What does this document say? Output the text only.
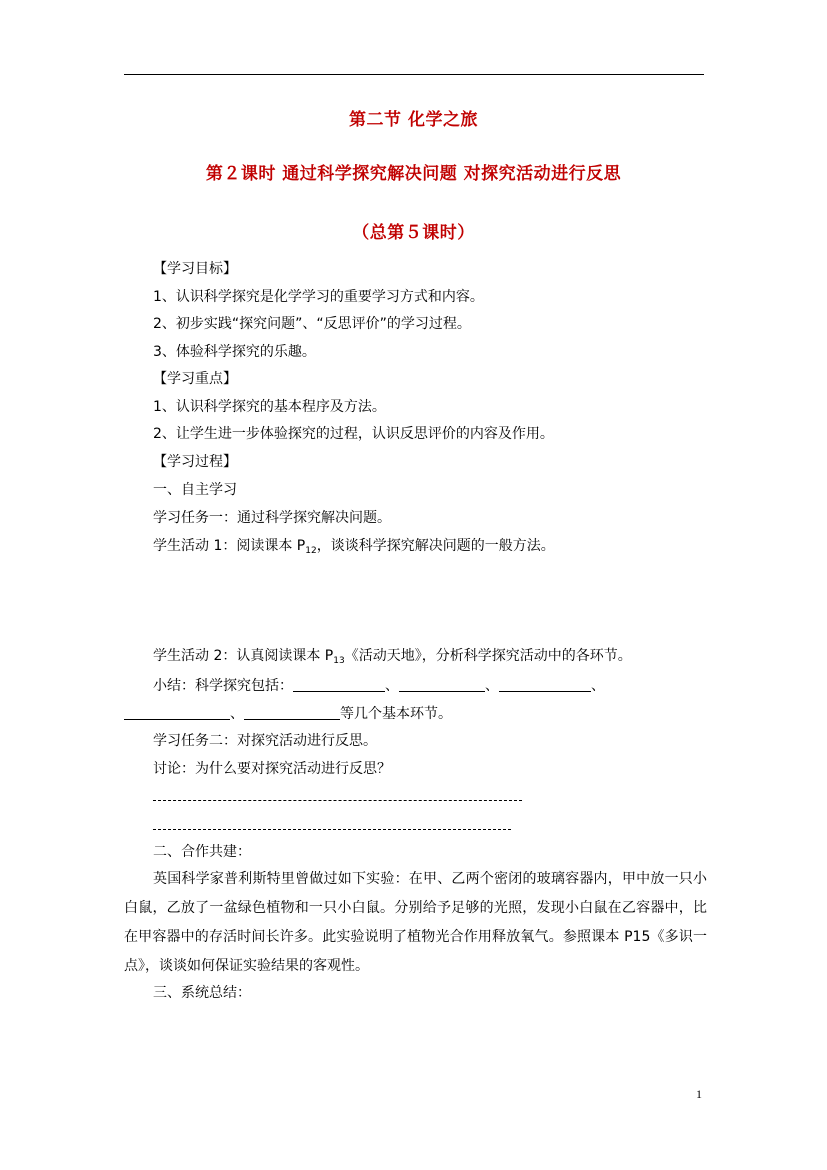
第二节 化学之旅
第２课时 通过科学探究解决问题 对探究活动进行反思
（总第５课时）
【学习目标】
1、认识科学探究是化学学习的重要学习方式和内容。
2、初步实践“探究问题”、“反思评价”的学习过程。
3、体验科学探究的乐趣。
【学习重点】
1、认识科学探究的基本程序及方法。
2、让学生进一步体验探究的过程，认识反思评价的内容及作用。
【学习过程】
一、自主学习
学习任务一：通过科学探究解决问题。
学生活动 1：阅读课本 $P_{12}$，谈谈科学探究解决问题的一般方法。
学生活动 2：认真阅读课本 $P_{13}$《活动天地》，分析科学探究活动中的各环节。
小结：科学探究包括：	、	、	、
、	等几个基本环节。
学习任务二：对探究活动进行反思。
讨论：为什么要对探究活动进行反思？
二、合作共建：
英国科学家普利斯特里曾做过如下实验：在甲、乙两个密闭的玻璃容器内，甲中放一只小白鼠，乙放了一盆绿色植物和一只小白鼠。分别给予足够的光照，发现小白鼠在乙容器中，比在甲容器中的存活时间长许多。此实验说明了植物光合作用释放氧气。参照课本 P15《多识一点》，谈谈如何保证实验结果的客观性。
三、系统总结：
1
